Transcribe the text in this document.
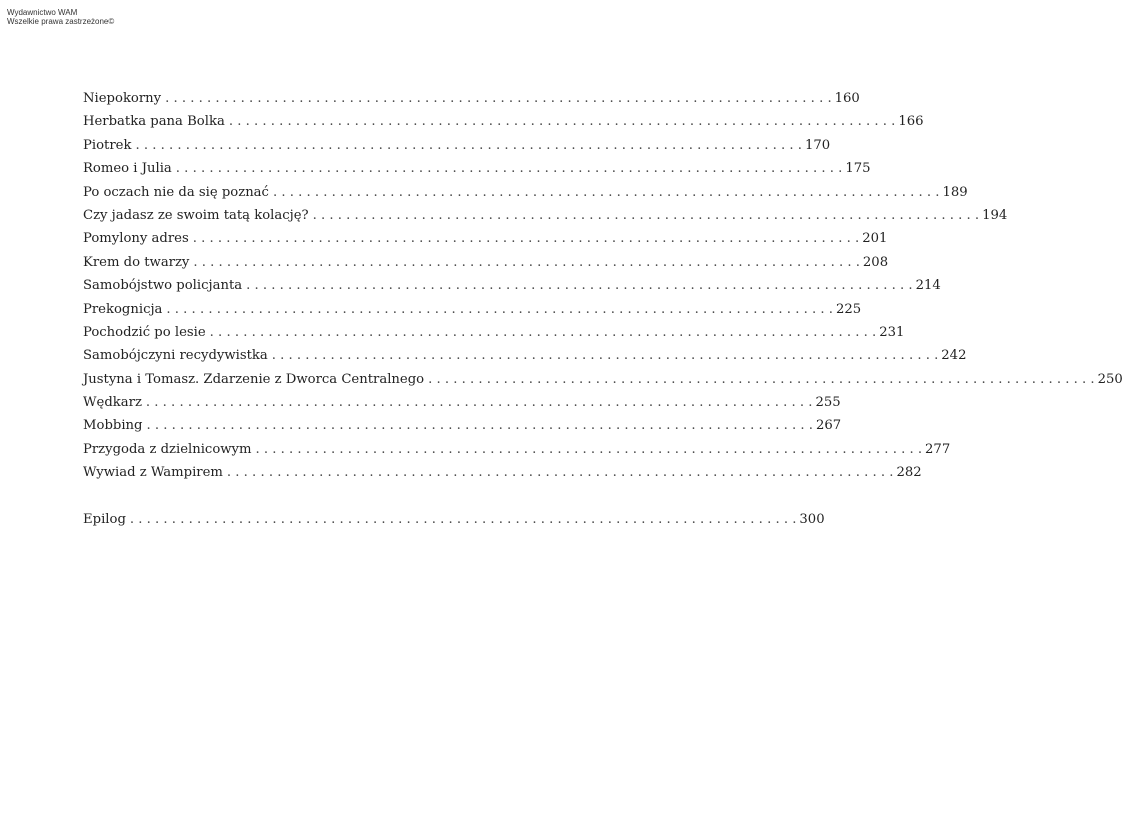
Wydawnictwo WAM
Wszelkie prawa zastrzeżone©
Niepokorny . . . . . . . . . . . . . . . . . . . . . . . . . . . . . . . . . . . . . . . . . . . . . . . . . . . . . . . . . . . . . . . . . . . . . . . . . . . . . . . . 160
Herbatka pana Bolka . . . . . . . . . . . . . . . . . . . . . . . . . . . . . . . . . . . . . . . . . . . . . . . . . . . . . . . . . . . . . . . . . . . . . . . . . . . . . . . . 166
Piotrek . . . . . . . . . . . . . . . . . . . . . . . . . . . . . . . . . . . . . . . . . . . . . . . . . . . . . . . . . . . . . . . . . . . . . . . . . . . . . . . . 170
Romeo i Julia . . . . . . . . . . . . . . . . . . . . . . . . . . . . . . . . . . . . . . . . . . . . . . . . . . . . . . . . . . . . . . . . . . . . . . . . . . . . . . . . 175
Po oczach nie da się poznać . . . . . . . . . . . . . . . . . . . . . . . . . . . . . . . . . . . . . . . . . . . . . . . . . . . . . . . . . . . . . . . . . . . . . . . . . . . . . . . . 189
Czy jadasz ze swoim tatą kolację? . . . . . . . . . . . . . . . . . . . . . . . . . . . . . . . . . . . . . . . . . . . . . . . . . . . . . . . . . . . . . . . . . . . . . . . . . . . . . . . . 194
Pomylony adres . . . . . . . . . . . . . . . . . . . . . . . . . . . . . . . . . . . . . . . . . . . . . . . . . . . . . . . . . . . . . . . . . . . . . . . . . . . . . . . . 201
Krem do twarzy . . . . . . . . . . . . . . . . . . . . . . . . . . . . . . . . . . . . . . . . . . . . . . . . . . . . . . . . . . . . . . . . . . . . . . . . . . . . . . . . 208
Samobójstwo policjanta . . . . . . . . . . . . . . . . . . . . . . . . . . . . . . . . . . . . . . . . . . . . . . . . . . . . . . . . . . . . . . . . . . . . . . . . . . . . . . . . 214
Prekognicja . . . . . . . . . . . . . . . . . . . . . . . . . . . . . . . . . . . . . . . . . . . . . . . . . . . . . . . . . . . . . . . . . . . . . . . . . . . . . . . . 225
Pochodzić po lesie . . . . . . . . . . . . . . . . . . . . . . . . . . . . . . . . . . . . . . . . . . . . . . . . . . . . . . . . . . . . . . . . . . . . . . . . . . . . . . . . 231
Samobójczyni recydywistka . . . . . . . . . . . . . . . . . . . . . . . . . . . . . . . . . . . . . . . . . . . . . . . . . . . . . . . . . . . . . . . . . . . . . . . . . . . . . . . . 242
Justyna i Tomasz. Zdarzenie z Dworca Centralnego . . . . . . . . . . . . . . . . . . . . . . . . . . . . . . . . . . . . . . . . . . . . . . . . . . . . . . . . . . . . . . . . . . . . . . . . . . . . . . . . 250
Wędkarz . . . . . . . . . . . . . . . . . . . . . . . . . . . . . . . . . . . . . . . . . . . . . . . . . . . . . . . . . . . . . . . . . . . . . . . . . . . . . . . . 255
Mobbing . . . . . . . . . . . . . . . . . . . . . . . . . . . . . . . . . . . . . . . . . . . . . . . . . . . . . . . . . . . . . . . . . . . . . . . . . . . . . . . . 267
Przygoda z dzielnicowym . . . . . . . . . . . . . . . . . . . . . . . . . . . . . . . . . . . . . . . . . . . . . . . . . . . . . . . . . . . . . . . . . . . . . . . . . . . . . . . . 277
Wywiad z Wampirem . . . . . . . . . . . . . . . . . . . . . . . . . . . . . . . . . . . . . . . . . . . . . . . . . . . . . . . . . . . . . . . . . . . . . . . . . . . . . . . . 282
Epilog . . . . . . . . . . . . . . . . . . . . . . . . . . . . . . . . . . . . . . . . . . . . . . . . . . . . . . . . . . . . . . . . . . . . . . . . . . . . . . . . 300
